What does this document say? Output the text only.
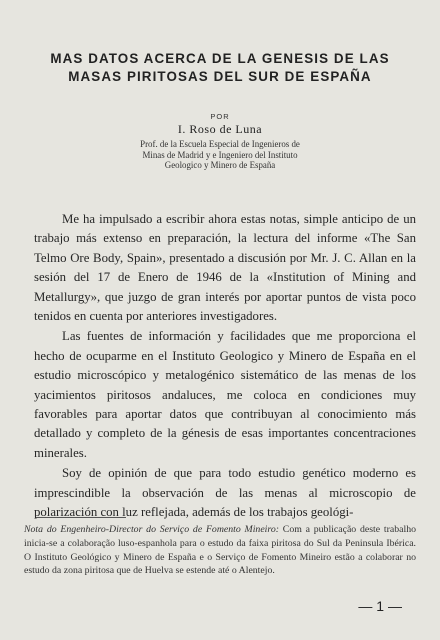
MAS DATOS ACERCA DE LA GENESIS DE LAS
MASAS PIRITOSAS DEL SUR DE ESPAÑA
POR
I. Roso de Luna
Prof. de la Escuela Especial de Ingenieros de
Minas de Madrid y e Ingeniero del Instituto
Geologico y Minero de España

Me ha impulsado a escribir ahora estas notas, simple anticipo de un trabajo más extenso en preparación, la lectura del informe «The San Telmo Ore Body, Spain», presentado a discusión por Mr. J. C. Allan en la sesión del 17 de Enero de 1946 de la «Institution of Mining and Metallurgy», que juzgo de gran interés por aportar puntos de vista poco tenidos en cuenta por anteriores investigadores.

Las fuentes de información y facilidades que me proporciona el hecho de ocuparme en el Instituto Geologico y Minero de España en el estudio microscópico y metalogénico sistemático de las menas de los yacimientos piritosos andaluces, me coloca en condiciones muy favorables para aportar datos que contribuyan al conocimiento más detallado y completo de la génesis de esas importantes concentraciones minerales.

Soy de opinión de que para todo estudio genético moderno es imprescindible la observación de las menas al microscopio de polarización con luz reflejada, además de los trabajos geológi-

Nota do Engenheiro-Director do Serviço de Fomento Mineiro: Com a publicação deste trabalho inicia-se a colaboração luso-espanhola para o estudo da faixa piritosa do Sul da Peninsula Ibérica. O Instituto Geológico y Minero de España e o Serviço de Fomento Mineiro estão a colaborar no estudo da zona piritosa que de Huelva se estende até o Alentejo.
— 1 —
